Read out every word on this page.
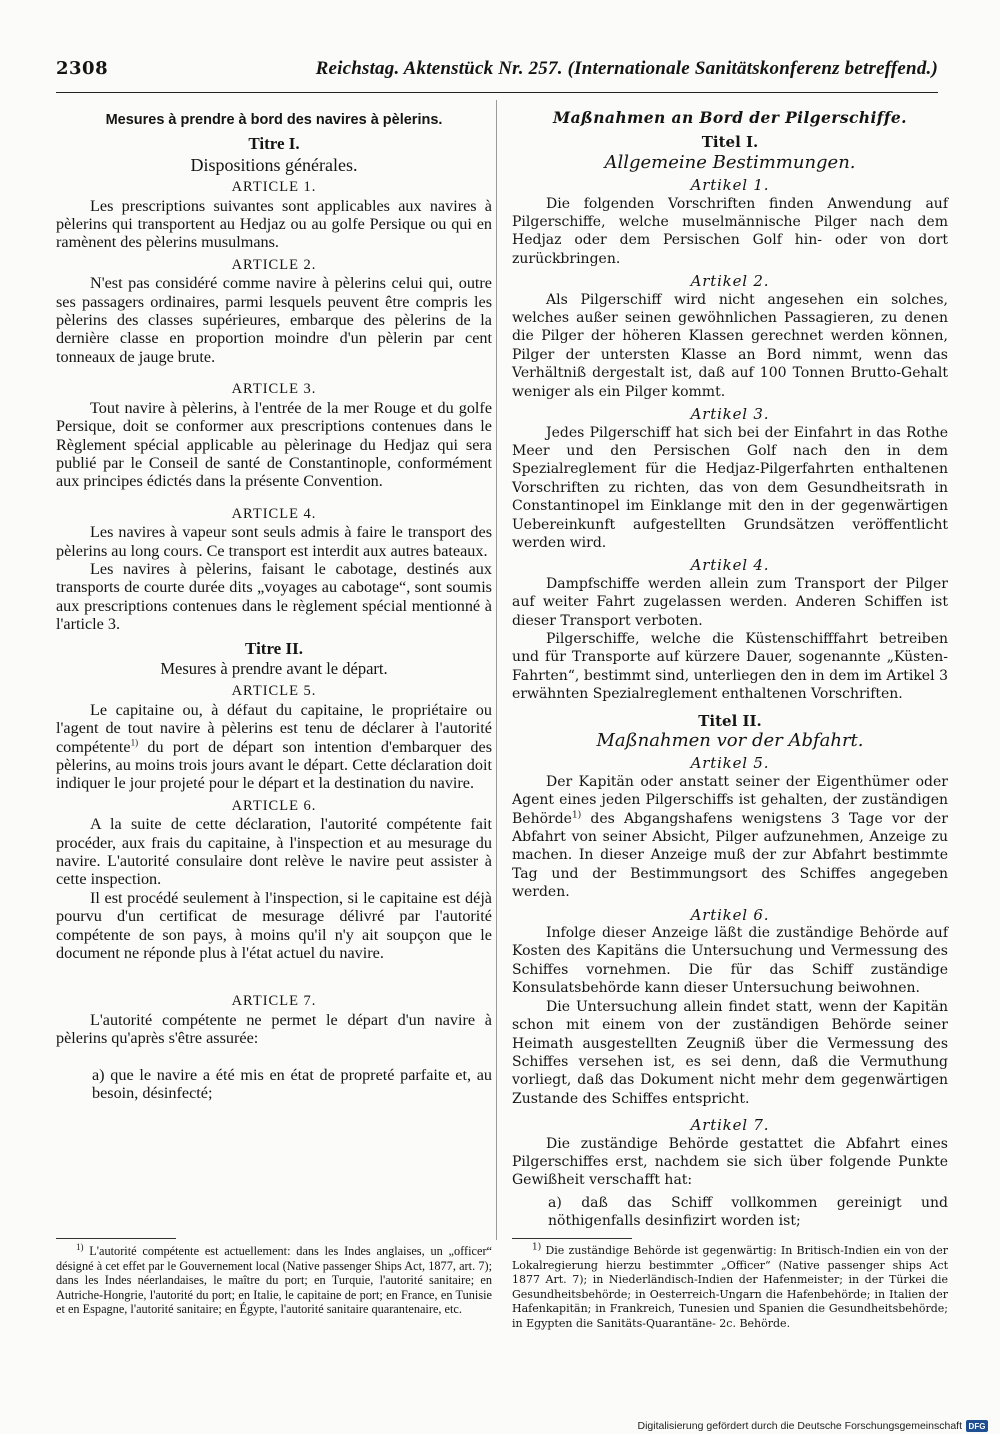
2308	Reichstag. Aktenstück Nr. 257. (Internationale Sanitätskonferenz betreffend.)
Mesures à prendre à bord des navires à pèlerins.
Titre I.
Dispositions générales.
ARTICLE 1.

Les prescriptions suivantes sont applicables aux navires à pèlerins qui transportent au Hedjaz ou au golfe Persique ou qui en ramènent des pèlerins musulmans.

ARTICLE 2.

N'est pas considéré comme navire à pèlerins celui qui, outre ses passagers ordinaires, parmi lesquels peuvent être compris les pèlerins des classes supérieures, embarque des pèlerins de la dernière classe en proportion moindre d'un pèlerin par cent tonneaux de jauge brute.

ARTICLE 3.

Tout navire à pèlerins, à l'entrée de la mer Rouge et du golfe Persique, doit se conformer aux prescriptions contenues dans le Règlement spécial applicable au pèlerinage du Hedjaz qui sera publié par le Conseil de santé de Constantinople, conformément aux principes édictés dans la présente Convention.

ARTICLE 4.

Les navires à vapeur sont seuls admis à faire le transport des pèlerins au long cours. Ce transport est interdit aux autres bateaux.

Les navires à pèlerins, faisant le cabotage, destinés aux transports de courte durée dits „voyages au cabotage“, sont soumis aux prescriptions contenues dans le règlement spécial mentionné à l'article 3.

Titre II.
Mesures à prendre avant le départ.
ARTICLE 5.

Le capitaine ou, à défaut du capitaine, le propriétaire ou l'agent de tout navire à pèlerins est tenu de déclarer à l'autorité compétente$^{1)}$ du port de départ son intention d'embarquer des pèlerins, au moins trois jours avant le départ. Cette déclaration doit indiquer le jour projeté pour le départ et la destination du navire.

ARTICLE 6.

A la suite de cette déclaration, l'autorité compétente fait procéder, aux frais du capitaine, à l'inspection et au mesurage du navire. L'autorité consulaire dont relève le navire peut assister à cette inspection.

Il est procédé seulement à l'inspection, si le capitaine est déjà pourvu d'un certificat de mesurage délivré par l'autorité compétente de son pays, à moins qu'il n'y ait soupçon que le document ne réponde plus à l'état actuel du navire.

ARTICLE 7.

L'autorité compétente ne permet le départ d'un navire à pèlerins qu'après s'être assurée:

a) que le navire a été mis en état de propreté parfaite et, au besoin, désinfecté;

Maßnahmen an Bord der Pilgerschiffe.
Titel I.
Allgemeine Bestimmungen.
Artikel 1.

Die folgenden Vorschriften finden Anwendung auf Pilgerschiffe, welche muselmännische Pilger nach dem Hedjaz oder dem Persischen Golf hin- oder von dort zurückbringen.

Artikel 2.

Als Pilgerschiff wird nicht angesehen ein solches, welches außer seinen gewöhnlichen Passagieren, zu denen die Pilger der höheren Klassen gerechnet werden können, Pilger der untersten Klasse an Bord nimmt, wenn das Verhältniß dergestalt ist, daß auf 100 Tonnen Brutto-Gehalt weniger als ein Pilger kommt.

Artikel 3.

Jedes Pilgerschiff hat sich bei der Einfahrt in das Rothe Meer und den Persischen Golf nach den in dem Spezialreglement für die Hedjaz-Pilgerfahrten enthaltenen Vorschriften zu richten, das von dem Gesundheitsrath in Constantinopel im Einklange mit den in der gegenwärtigen Uebereinkunft aufgestellten Grundsätzen veröffentlicht werden wird.

Artikel 4.

Dampfschiffe werden allein zum Transport der Pilger auf weiter Fahrt zugelassen werden. Anderen Schiffen ist dieser Transport verboten.

Pilgerschiffe, welche die Küstenschifffahrt betreiben und für Transporte auf kürzere Dauer, sogenannte „Küsten-Fahrten“, bestimmt sind, unterliegen den in dem im Artikel 3 erwähnten Spezialreglement enthaltenen Vorschriften.

Titel II.
Maßnahmen vor der Abfahrt.
Artikel 5.

Der Kapitän oder anstatt seiner der Eigenthümer oder Agent eines jeden Pilgerschiffs ist gehalten, der zuständigen Behörde$^{1)}$ des Abgangshafens wenigstens 3 Tage vor der Abfahrt von seiner Absicht, Pilger aufzunehmen, Anzeige zu machen. In dieser Anzeige muß der zur Abfahrt bestimmte Tag und der Bestimmungsort des Schiffes angegeben werden.

Artikel 6.

Infolge dieser Anzeige läßt die zuständige Behörde auf Kosten des Kapitäns die Untersuchung und Vermessung des Schiffes vornehmen. Die für das Schiff zuständige Konsulatsbehörde kann dieser Untersuchung beiwohnen.

Die Untersuchung allein findet statt, wenn der Kapitän schon mit einem von der zuständigen Behörde seiner Heimath ausgestellten Zeugniß über die Vermessung des Schiffes versehen ist, es sei denn, daß die Vermuthung vorliegt, daß das Dokument nicht mehr dem gegenwärtigen Zustande des Schiffes entspricht.

Artikel 7.

Die zuständige Behörde gestattet die Abfahrt eines Pilgerschiffes erst, nachdem sie sich über folgende Punkte Gewißheit verschafft hat:

a) daß das Schiff vollkommen gereinigt und nöthigenfalls desinfizirt worden ist;

$^{1)}$ L'autorité compétente est actuellement: dans les Indes anglaises, un „officer“ désigné à cet effet par le Gouvernement local (Native passenger Ships Act, 1877, art. 7); dans les Indes néerlandaises, le maître du port; en Turquie, l'autorité sanitaire; en Autriche-Hongrie, l'autorité du port; en Italie, le capitaine de port; en France, en Tunisie et en Espagne, l'autorité sanitaire; en Égypte, l'autorité sanitaire quarantenaire, etc.

$^{1)}$ Die zuständige Behörde ist gegenwärtig: In Britisch-Indien ein von der Lokalregierung hierzu bestimmter „Officer“ (Native passenger ships Act 1877 Art. 7); in Niederländisch-Indien der Hafenmeister; in der Türkei die Gesundheitsbehörde; in Oesterreich-Ungarn die Hafenbehörde; in Italien der Hafenkapitän; in Frankreich, Tunesien und Spanien die Gesundheitsbehörde; in Egypten die Sanitäts-Quarantäne- 2c. Behörde.

Digitalisierung gefördert durch die Deutsche Forschungsgemeinschaft DFG
